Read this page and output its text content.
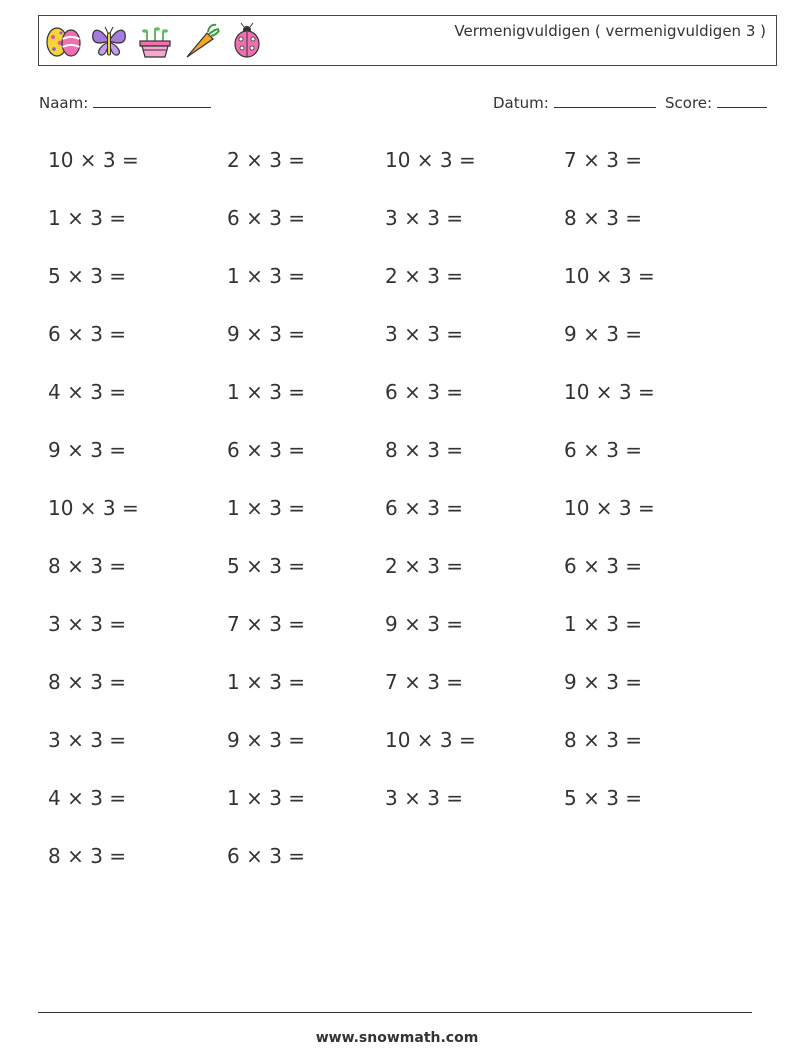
Vermenigvuldigen ( vermenigvuldigen 3 )
Naam:	Datum:	Score:
10 × 3 =	2 × 3 =	10 × 3 =	7 × 3 =
1 × 3 =	6 × 3 =	3 × 3 =	8 × 3 =
5 × 3 =	1 × 3 =	2 × 3 =	10 × 3 =
6 × 3 =	9 × 3 =	3 × 3 =	9 × 3 =
4 × 3 =	1 × 3 =	6 × 3 =	10 × 3 =
9 × 3 =	6 × 3 =	8 × 3 =	6 × 3 =
10 × 3 =	1 × 3 =	6 × 3 =	10 × 3 =
8 × 3 =	5 × 3 =	2 × 3 =	6 × 3 =
3 × 3 =	7 × 3 =	9 × 3 =	1 × 3 =
8 × 3 =	1 × 3 =	7 × 3 =	9 × 3 =
3 × 3 =	9 × 3 =	10 × 3 =	8 × 3 =
4 × 3 =	1 × 3 =	3 × 3 =	5 × 3 =
8 × 3 =	6 × 3 =
www.snowmath.com
